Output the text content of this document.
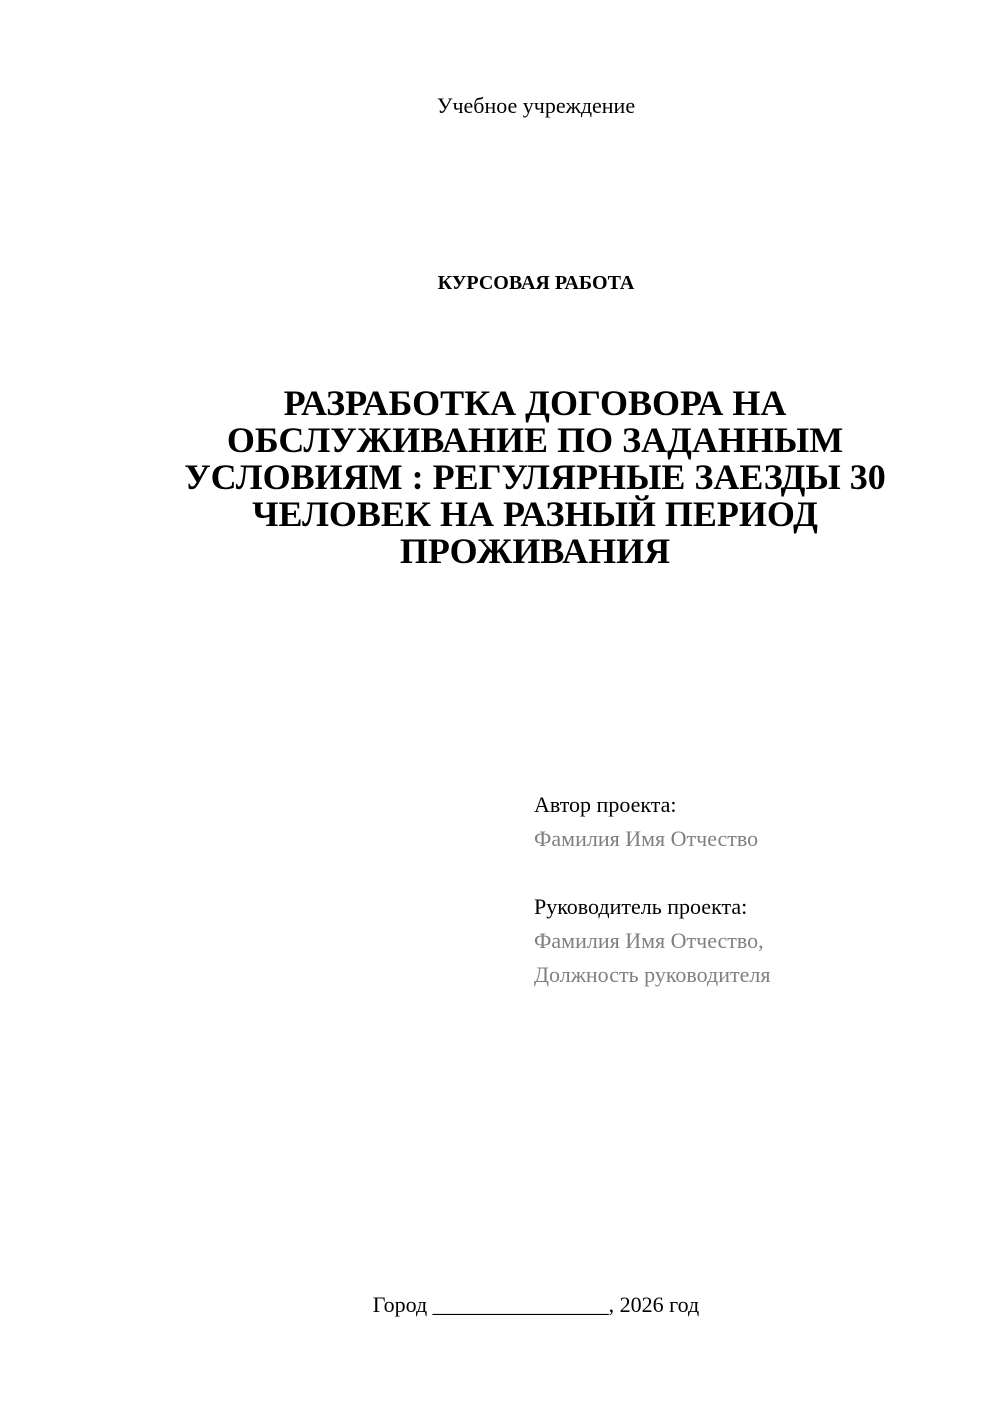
Учебное учреждение
КУРСОВАЯ РАБОТА
РАЗРАБОТКА ДОГОВОРА НА ОБСЛУЖИВАНИЕ ПО ЗАДАННЫМ УСЛОВИЯМ : РЕГУЛЯРНЫЕ ЗАЕЗДЫ 30 ЧЕЛОВЕК НА РАЗНЫЙ ПЕРИОД ПРОЖИВАНИЯ
Автор проекта:
Фамилия Имя Отчество
Руководитель проекта:
Фамилия Имя Отчество,
Должность руководителя
Город ________________, 2026 год
